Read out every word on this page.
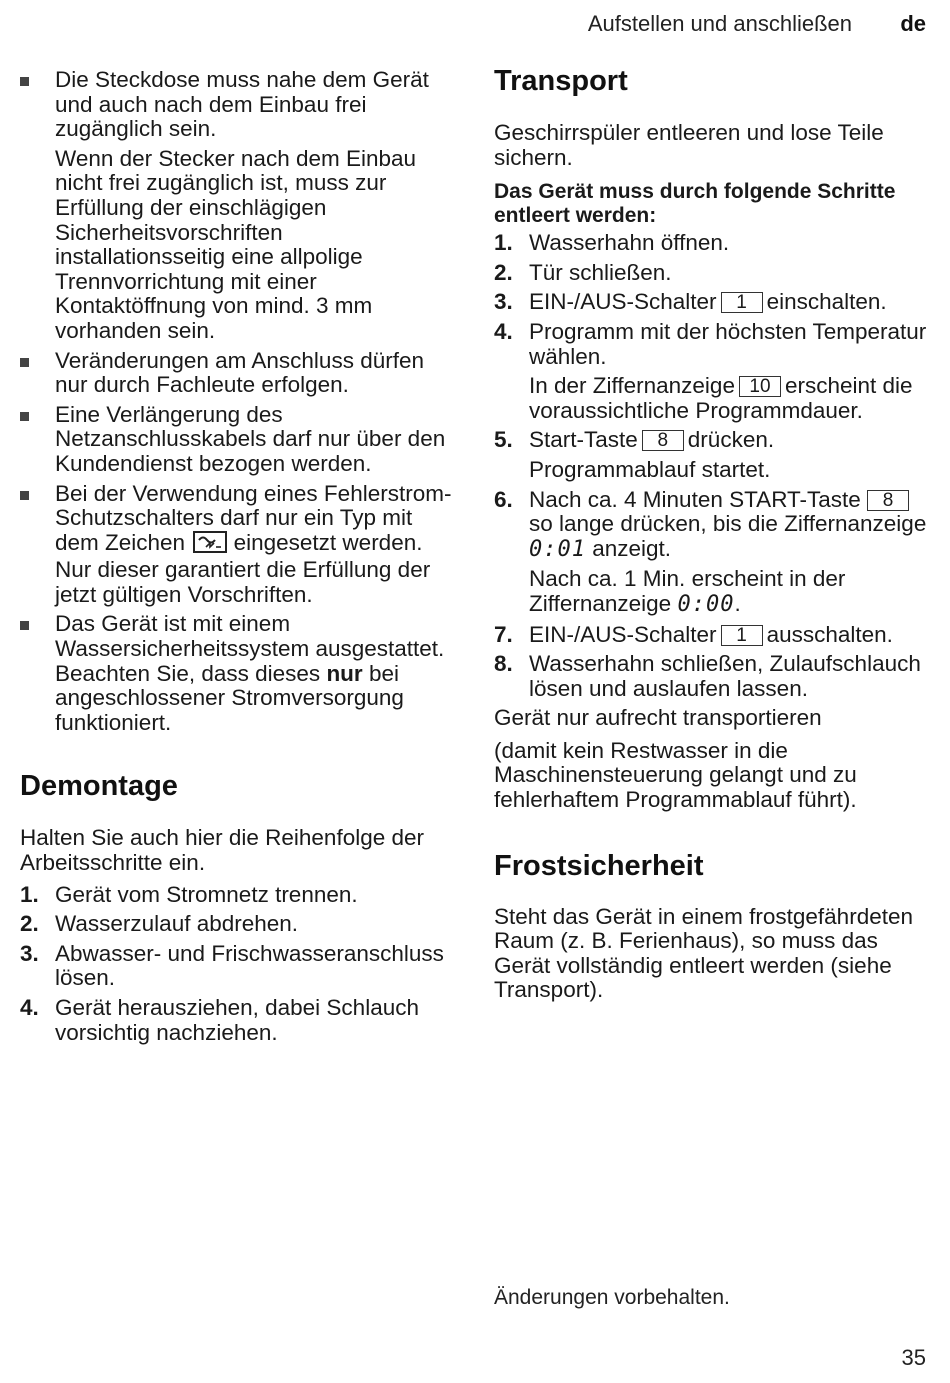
Aufstellen und anschließen de

Die Steckdose muss nahe dem Gerät und auch nach dem Einbau frei zugänglich sein.

Wenn der Stecker nach dem Einbau nicht frei zugänglich ist, muss zur Erfüllung der einschlägigen Sicherheitsvorschriften installationsseitig eine allpolige Trennvorrichtung mit einer Kontaktöffnung von mind. 3 mm vorhanden sein.

Veränderungen am Anschluss dürfen nur durch Fachleute erfolgen.

Eine Verlängerung des Netzanschlusskabels darf nur über den Kundendienst bezogen werden.

Bei der Verwendung eines Fehlerstrom-Schutzschalters darf nur ein Typ mit dem Zeichen eingesetzt werden. Nur dieser garantiert die Erfüllung der jetzt gültigen Vorschriften.

Das Gerät ist mit einem Wassersicherheitssystem ausgestattet. Beachten Sie, dass dieses nur bei angeschlossener Stromversorgung funktioniert.

Demontage

Halten Sie auch hier die Reihenfolge der Arbeitsschritte ein.

1. Gerät vom Stromnetz trennen.

2. Wasserzulauf abdrehen.

3. Abwasser- und Frischwasseranschluss lösen.

4. Gerät herausziehen, dabei Schlauch vorsichtig nachziehen.

Transport

Geschirrspüler entleeren und lose Teile sichern.

Das Gerät muss durch folgende Schritte entleert werden:

1. Wasserhahn öffnen.

2. Tür schließen.

3. EIN-/AUS-Schalter 1 einschalten.

4. Programm mit der höchsten Temperatur wählen.

In der Ziffernanzeige 10 erscheint die voraussichtliche Programmdauer.

5. Start-Taste 8 drücken.

Programmablauf startet.

6. Nach ca. 4 Minuten START-Taste 8so lange drücken, bis die Ziffernanzeige 0:01 anzeigt.

Nach ca. 1 Min. erscheint in der Ziffernanzeige 0:00.

7. EIN-/AUS-Schalter 1 ausschalten.

8. Wasserhahn schließen, Zulaufschlauch lösen und auslaufen lassen.

Gerät nur aufrecht transportieren

(damit kein Restwasser in die Maschinensteuerung gelangt und zu fehlerhaftem Programmablauf führt).

Frostsicherheit

Steht das Gerät in einem frostgefährdeten Raum (z. B. Ferienhaus), so muss das Gerät vollständig entleert werden (siehe Transport).

Änderungen vorbehalten.
35
